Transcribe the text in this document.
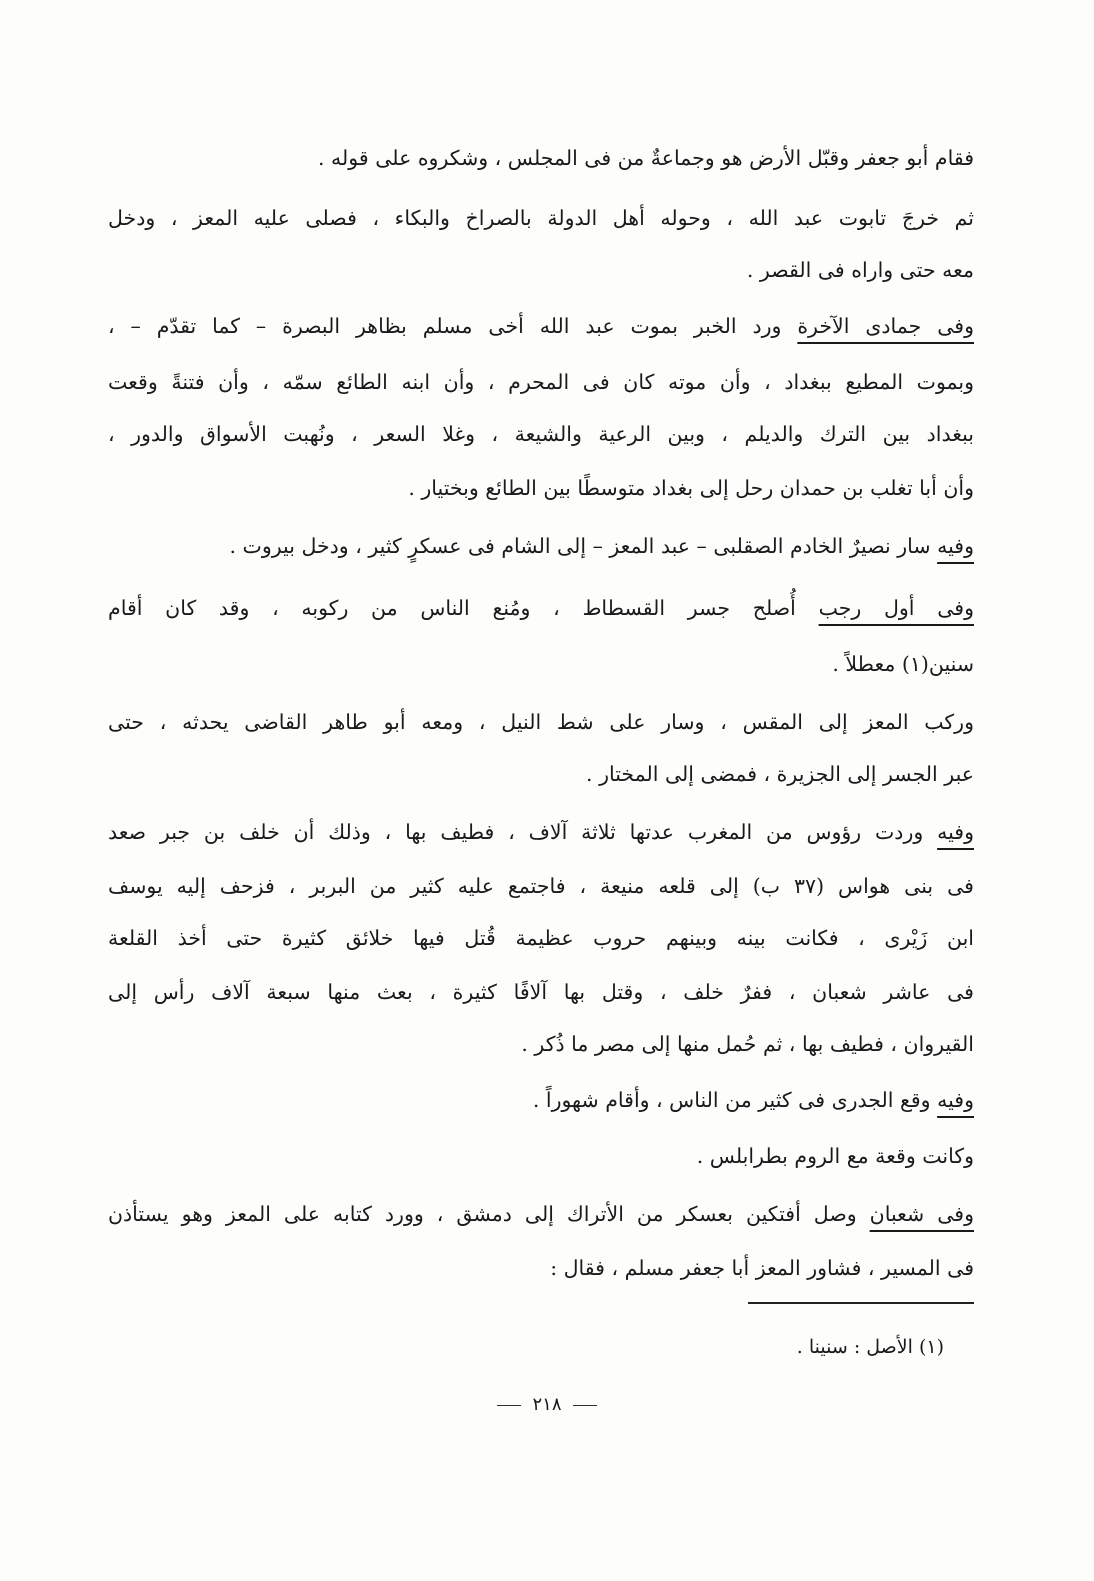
فقام أبو جعفر وقبّل الأرض هو وجماعةٌ من فى المجلس ، وشكروه على قوله .
ثم خرجَ تابوت عبد الله ، وحوله أهل الدولة بالصراخ والبكاء ، فصلى عليه المعز ، ودخل
معه حتى واراه فى القصر .
وفى جمادى الآخرة ورد الخبر بموت عبد الله أخى مسلم بظاهر البصرة – كما تقدّم – ،
وبموت المطيع ببغداد ، وأن موته كان فى المحرم ، وأن ابنه الطائع سمّه ، وأن فتنةً وقعت
ببغداد بين الترك والديلم ، وبين الرعية والشيعة ، وغلا السعر ، ونُهبت الأسواق والدور ،
وأن أبا تغلب بن حمدان رحل إلى بغداد متوسطًا بين الطائع وبختيار .
وفيه سار نصيرٌ الخادم الصقلبى – عبد المعز – إلى الشام فى عسكرٍ كثير ، ودخل بيروت .
وفى أول رجب أُصلح جسر القسطاط ، ومُنع الناس من ركوبه ، وقد كان أقام
سنين(١) معطلاً .
وركب المعز إلى المقس ، وسار على شط النيل ، ومعه أبو طاهر القاضى يحدثه ، حتى
عبر الجسر إلى الجزيرة ، فمضى إلى المختار .
وفيه وردت رؤوس من المغرب عدتها ثلاثة آلاف ، فطيف بها ، وذلك أن خلف بن جبر صعد
فى بنى هواس (٣٧ ب) إلى قلعه منيعة ، فاجتمع عليه كثير من البربر ، فزحف إليه يوسف
ابن زَيْرى ، فكانت بينه وبينهم حروب عظيمة قُتل فيها خلائق كثيرة حتى أخذ القلعة
فى عاشر شعبان ، ففرٌ خلف ، وقتل بها آلافًا كثيرة ، بعث منها سبعة آلاف رأس إلى
القيروان ، فطيف بها ، ثم حُمل منها إلى مصر ما ذُكر .
وفيه وقع الجدرى فى كثير من الناس ، وأقام شهوراً .
وكانت وقعة مع الروم بطرابلس .
وفى شعبان وصل أفتكين بعسكر من الأتراك إلى دمشق ، وورد كتابه على المعز وهو يستأذن
فى المسير ، فشاور المعز أبا جعفر مسلم ، فقال :
(١) الأصل : سنينا .
٢١٨
